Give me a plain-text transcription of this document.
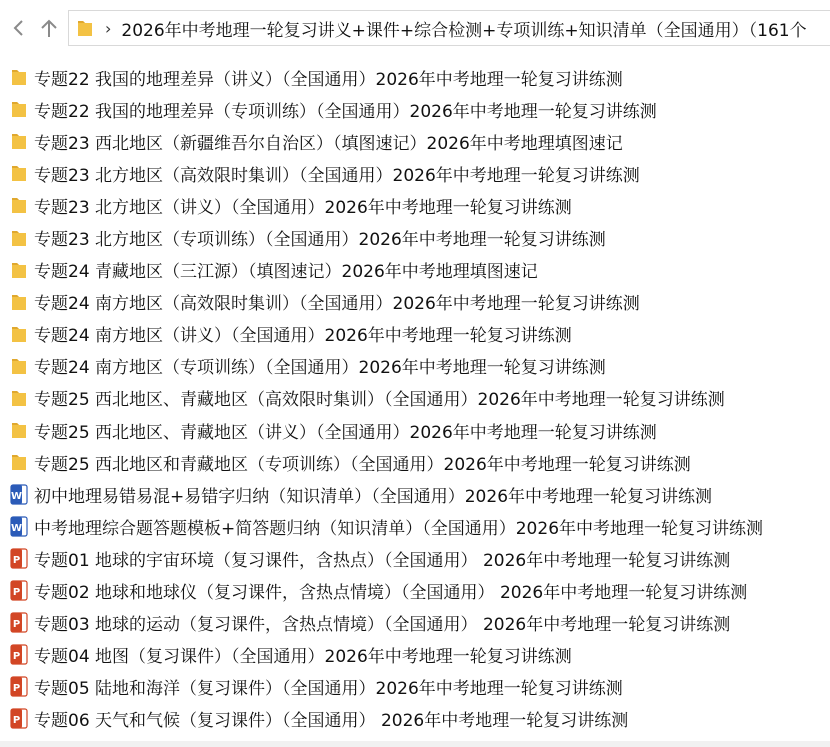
› 2026年中考地理一轮复习讲义+课件+综合检测+专项训练+知识清单（全国通用）（161个
专题22 我国的地理差异（讲义）（全国通用）2026年中考地理一轮复习讲练测
专题22 我国的地理差异（专项训练）（全国通用）2026年中考地理一轮复习讲练测
专题23 西北地区（新疆维吾尔自治区）（填图速记）2026年中考地理填图速记
专题23 北方地区（高效限时集训）（全国通用）2026年中考地理一轮复习讲练测
专题23 北方地区（讲义）（全国通用）2026年中考地理一轮复习讲练测
专题23 北方地区（专项训练）（全国通用）2026年中考地理一轮复习讲练测
专题24 青藏地区（三江源）（填图速记）2026年中考地理填图速记
专题24 南方地区（高效限时集训）（全国通用）2026年中考地理一轮复习讲练测
专题24 南方地区（讲义）（全国通用）2026年中考地理一轮复习讲练测
专题24 南方地区（专项训练）（全国通用）2026年中考地理一轮复习讲练测
专题25 西北地区、青藏地区（高效限时集训）（全国通用）2026年中考地理一轮复习讲练测
专题25 西北地区、青藏地区（讲义）（全国通用）2026年中考地理一轮复习讲练测
专题25 西北地区和青藏地区（专项训练）（全国通用）2026年中考地理一轮复习讲练测
W 初中地理易错易混+易错字归纳（知识清单）（全国通用）2026年中考地理一轮复习讲练测
W 中考地理综合题答题模板+简答题归纳（知识清单）（全国通用）2026年中考地理一轮复习讲练测
P 专题01 地球的宇宙环境（复习课件，含热点）（全国通用） 2026年中考地理一轮复习讲练测
P 专题02 地球和地球仪（复习课件，含热点情境）（全国通用） 2026年中考地理一轮复习讲练测
P 专题03 地球的运动（复习课件，含热点情境）（全国通用） 2026年中考地理一轮复习讲练测
P 专题04 地图（复习课件）（全国通用）2026年中考地理一轮复习讲练测
P 专题05 陆地和海洋（复习课件）（全国通用）2026年中考地理一轮复习讲练测
P 专题06 天气和气候（复习课件）（全国通用） 2026年中考地理一轮复习讲练测
